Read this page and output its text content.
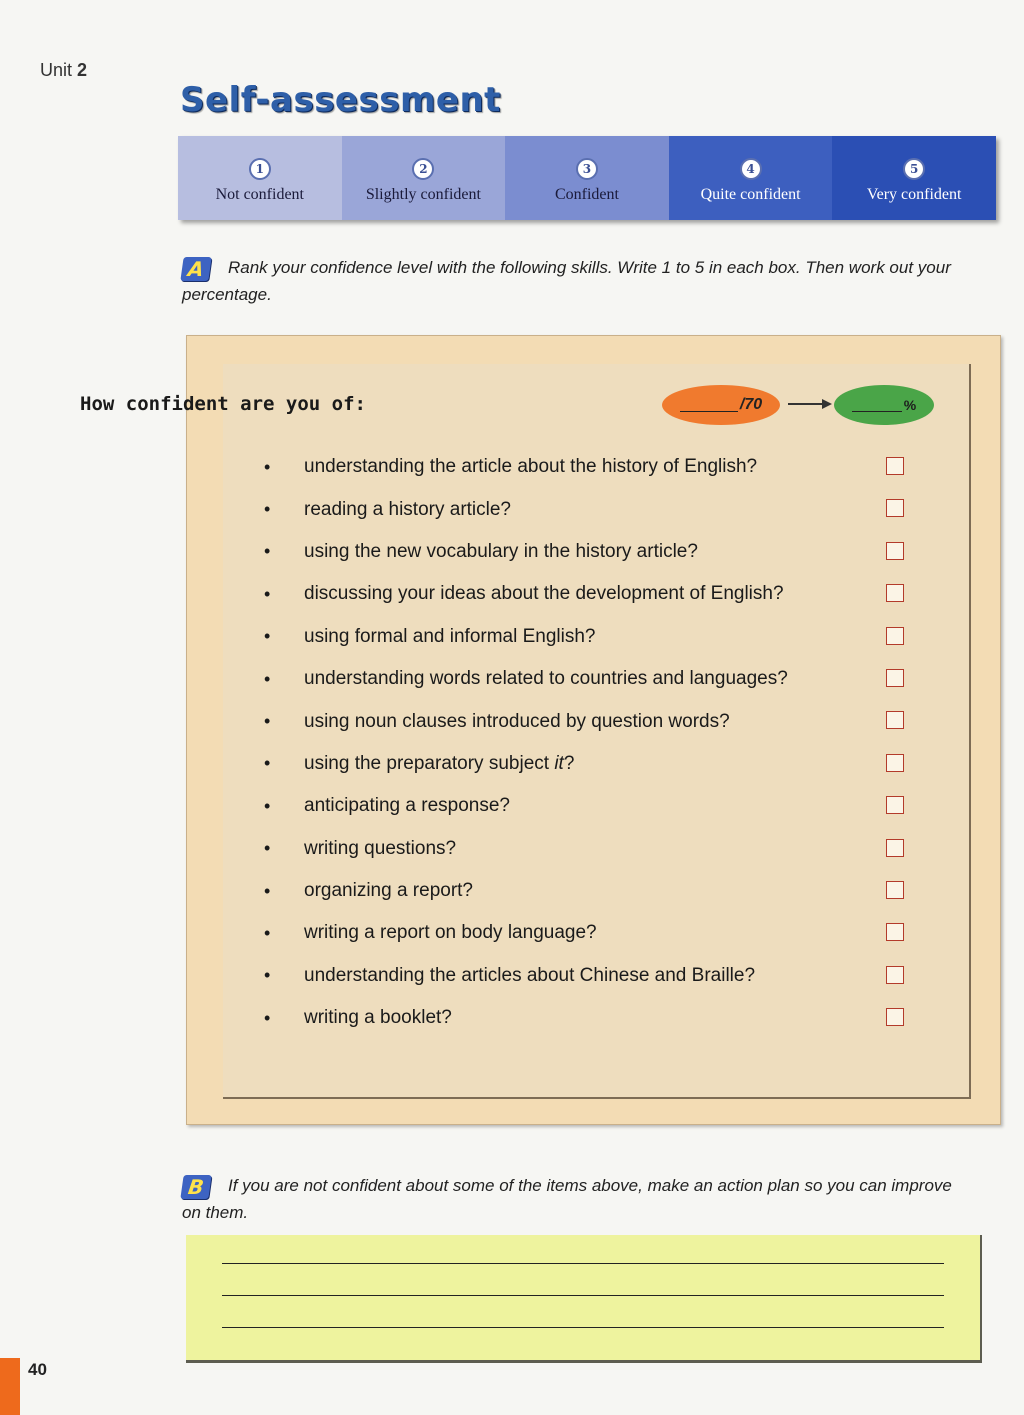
Unit 2
Self-assessment
1
Not confident
2
Slightly confident
3
Confident
4
Quite confident
5
Very confident

A Rank your confidence level with the following skills. Write 1 to 5 in each box. Then work out your percentage.

How confident are you of:	/70	%
•	understanding the article about the history of English?
•	reading a history article?
•	using the new vocabulary in the history article?
•	discussing your ideas about the development of English?
•	using formal and informal English?
•	understanding words related to countries and languages?
•	using noun clauses introduced by question words?
•	using the preparatory subject it?
•	anticipating a response?
•	writing questions?
•	organizing a report?
•	writing a report on body language?
•	understanding the articles about Chinese and Braille?
•	writing a booklet?

B If you are not confident about some of the items above, make an action plan so you can improve on them.

40
